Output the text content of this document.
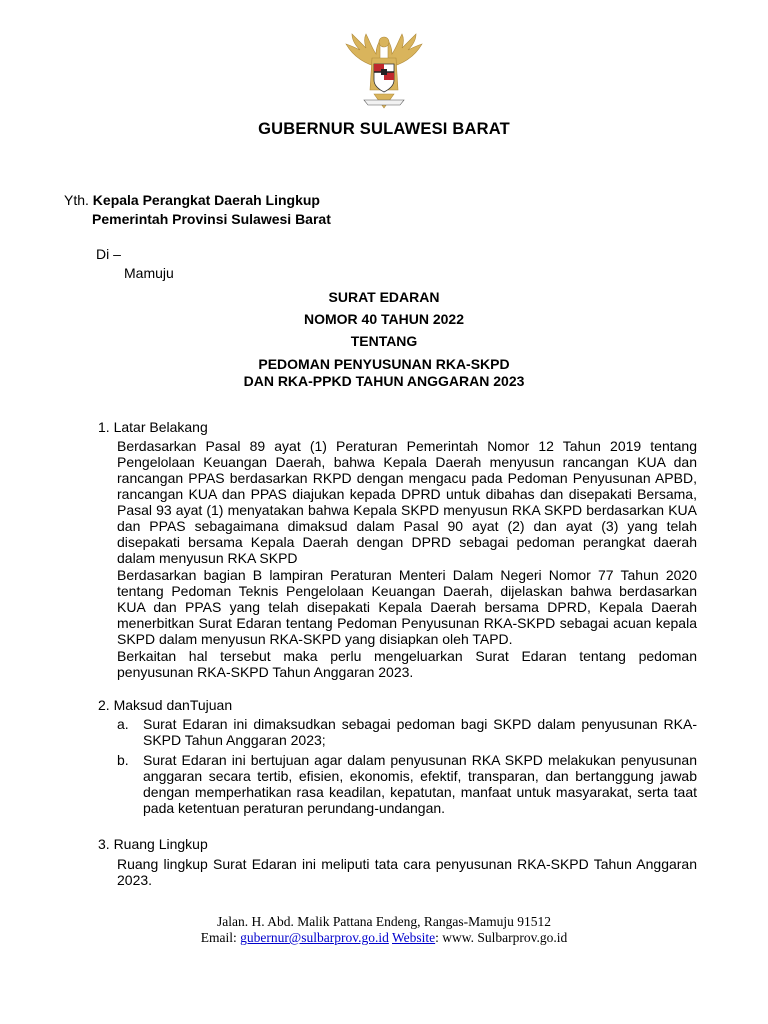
GUBERNUR SULAWESI BARAT
Yth. Kepala Perangkat Daerah Lingkup
Pemerintah Provinsi Sulawesi Barat
Di –
Mamuju
SURAT EDARAN
NOMOR 40 TAHUN 2022
TENTANG
PEDOMAN PENYUSUNAN RKA-SKPD
DAN RKA-PPKD TAHUN ANGGARAN 2023
1. Latar Belakang
Berdasarkan Pasal 89 ayat (1) Peraturan Pemerintah Nomor 12 Tahun 2019 tentang Pengelolaan Keuangan Daerah, bahwa Kepala Daerah menyusun rancangan KUA dan rancangan PPAS berdasarkan RKPD dengan mengacu pada Pedoman Penyusunan APBD, rancangan KUA dan PPAS diajukan kepada DPRD untuk dibahas dan disepakati Bersama, Pasal 93 ayat (1) menyatakan bahwa Kepala SKPD menyusun RKA SKPD berdasarkan KUA dan PPAS sebagaimana dimaksud dalam Pasal 90 ayat (2) dan ayat (3) yang telah disepakati bersama Kepala Daerah dengan DPRD sebagai pedoman perangkat daerah dalam menyusun RKA SKPD
Berdasarkan bagian B lampiran Peraturan Menteri Dalam Negeri Nomor 77 Tahun 2020 tentang Pedoman Teknis Pengelolaan Keuangan Daerah, dijelaskan bahwa berdasarkan KUA dan PPAS yang telah disepakati Kepala Daerah bersama DPRD, Kepala Daerah menerbitkan Surat Edaran tentang Pedoman Penyusunan RKA-SKPD sebagai acuan kepala SKPD dalam menyusun RKA-SKPD yang disiapkan oleh TAPD.
Berkaitan hal tersebut maka perlu mengeluarkan Surat Edaran tentang pedoman penyusunan RKA-SKPD Tahun Anggaran 2023.
2. Maksud danTujuan
a.	Surat Edaran ini dimaksudkan sebagai pedoman bagi SKPD dalam penyusunan RKA-SKPD Tahun Anggaran 2023;
b.	Surat Edaran ini bertujuan agar dalam penyusunan RKA SKPD melakukan penyusunan anggaran secara tertib, efisien, ekonomis, efektif, transparan, dan bertanggung jawab dengan memperhatikan rasa keadilan, kepatutan, manfaat untuk masyarakat, serta taat pada ketentuan peraturan perundang-undangan.
3. Ruang Lingkup
Ruang lingkup Surat Edaran ini meliputi tata cara penyusunan RKA-SKPD Tahun Anggaran 2023.
Jalan. H. Abd. Malik Pattana Endeng, Rangas-Mamuju 91512
Email: gubernur@sulbarprov.go.id Website: www. Sulbarprov.go.id
